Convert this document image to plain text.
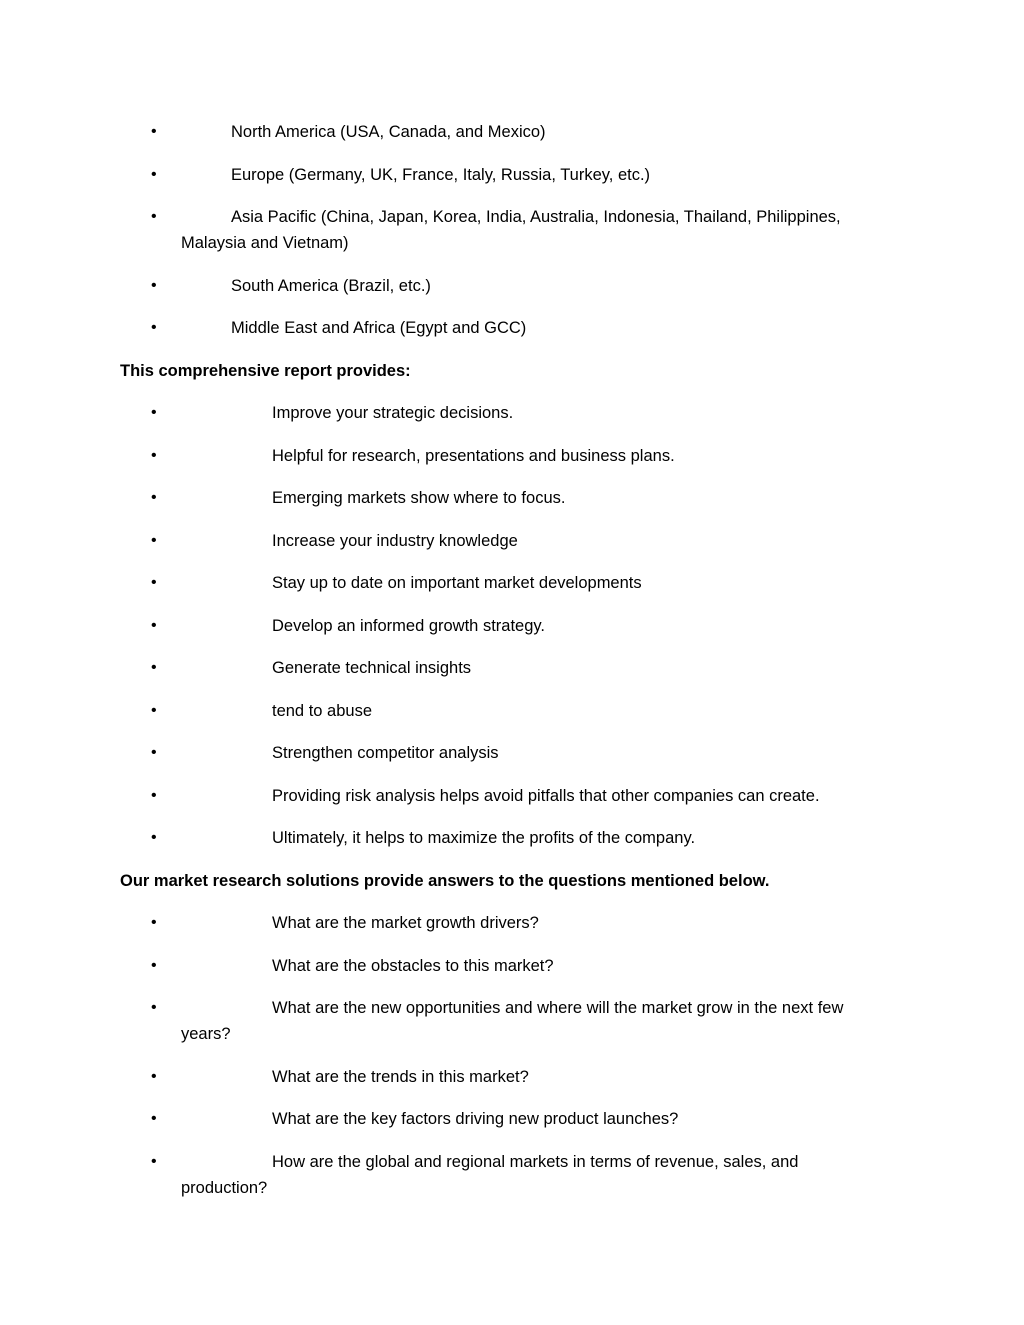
•	North America (USA, Canada, and Mexico)
•	Europe (Germany, UK, France, Italy, Russia, Turkey, etc.)
•	Asia Pacific (China, Japan, Korea, India, Australia, Indonesia, Thailand, Philippines, Malaysia and Vietnam)
•	South America (Brazil, etc.)
•	Middle East and Africa (Egypt and GCC)
This comprehensive report provides:
•	Improve your strategic decisions.
•	Helpful for research, presentations and business plans.
•	Emerging markets show where to focus.
•	Increase your industry knowledge
•	Stay up to date on important market developments
•	Develop an informed growth strategy.
•	Generate technical insights
•	tend to abuse
•	Strengthen competitor analysis
•	Providing risk analysis helps avoid pitfalls that other companies can create.
•	Ultimately, it helps to maximize the profits of the company.
Our market research solutions provide answers to the questions mentioned below.
•	What are the market growth drivers?
•	What are the obstacles to this market?
•	What are the new opportunities and where will the market grow in the next few years?
•	What are the trends in this market?
•	What are the key factors driving new product launches?
•	How are the global and regional markets in terms of revenue, sales, and production?
